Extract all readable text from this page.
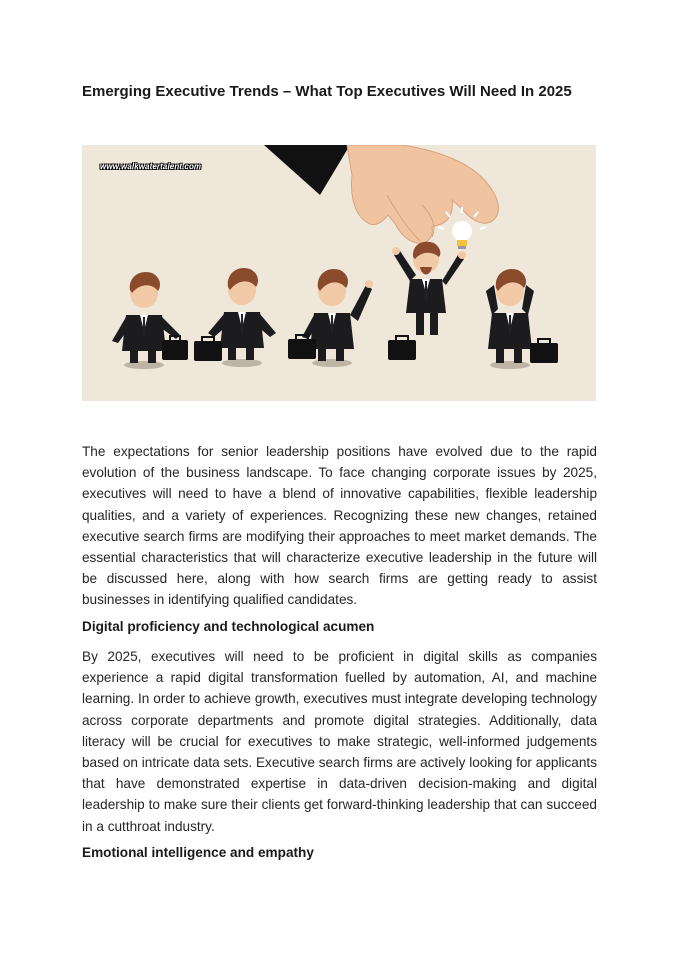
Emerging Executive Trends – What Top Executives Will Need In 2025
www.walkwatertalent.com

The expectations for senior leadership positions have evolved due to the rapid evolution of the business landscape. To face changing corporate issues by 2025, executives will need to have a blend of innovative capabilities, flexible leadership qualities, and a variety of experiences. Recognizing these new changes, retained executive search firms are modifying their approaches to meet market demands. The essential characteristics that will characterize executive leadership in the future will be discussed here, along with how search firms are getting ready to assist businesses in identifying qualified candidates.

Digital proficiency and technological acumen

By 2025, executives will need to be proficient in digital skills as companies experience a rapid digital transformation fuelled by automation, AI, and machine learning. In order to achieve growth, executives must integrate developing technology across corporate departments and promote digital strategies. Additionally, data literacy will be crucial for executives to make strategic, well-informed judgements based on intricate data sets. Executive search firms are actively looking for applicants that have demonstrated expertise in data-driven decision-making and digital leadership to make sure their clients get forward-thinking leadership that can succeed in a cutthroat industry.

Emotional intelligence and empathy
